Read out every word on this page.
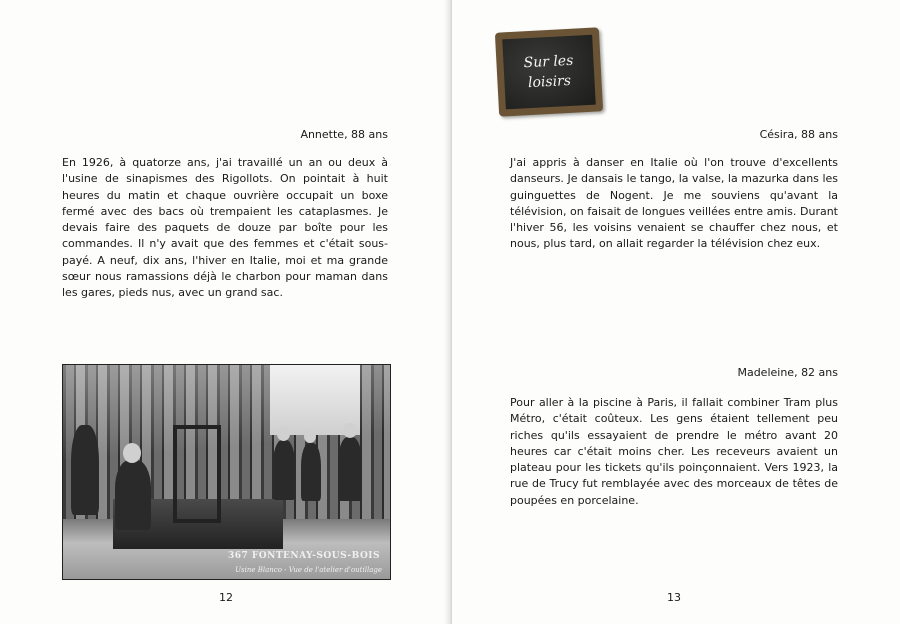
Annette, 88 ans

En 1926, à quatorze ans, j'ai travaillé un an ou deux à l'usine de sinapismes des Rigollots. On pointait à huit heures du matin et chaque ouvrière occupait un boxe fermé avec des bacs où trempaient les cataplasmes. Je devais faire des paquets de douze par boîte pour les commandes. Il n'y avait que des femmes et c'était sous-payé. A neuf, dix ans, l'hiver en Italie, moi et ma grande sœur nous ramassions déjà le charbon pour maman dans les gares, pieds nus, avec un grand sac.

367 FONTENAY-SOUS-BOIS
Usine Blanco - Vue de l'atelier d'outillage
12
Sur les
loisirs
Césira, 88 ans

J'ai appris à danser en Italie où l'on trouve d'excellents danseurs. Je dansais le tango, la valse, la mazurka dans les guinguettes de Nogent. Je me souviens qu'avant la télévision, on faisait de longues veillées entre amis. Durant l'hiver 56, les voisins venaient se chauffer chez nous, et nous, plus tard, on allait regarder la télévision chez eux.

Madeleine, 82 ans

Pour aller à la piscine à Paris, il fallait combiner Tram plus Métro, c'était coûteux. Les gens étaient tellement peu riches qu'ils essayaient de prendre le métro avant 20 heures car c'était moins cher. Les receveurs avaient un plateau pour les tickets qu'ils poinçonnaient. Vers 1923, la rue de Trucy fut remblayée avec des morceaux de têtes de poupées en porcelaine.

13
